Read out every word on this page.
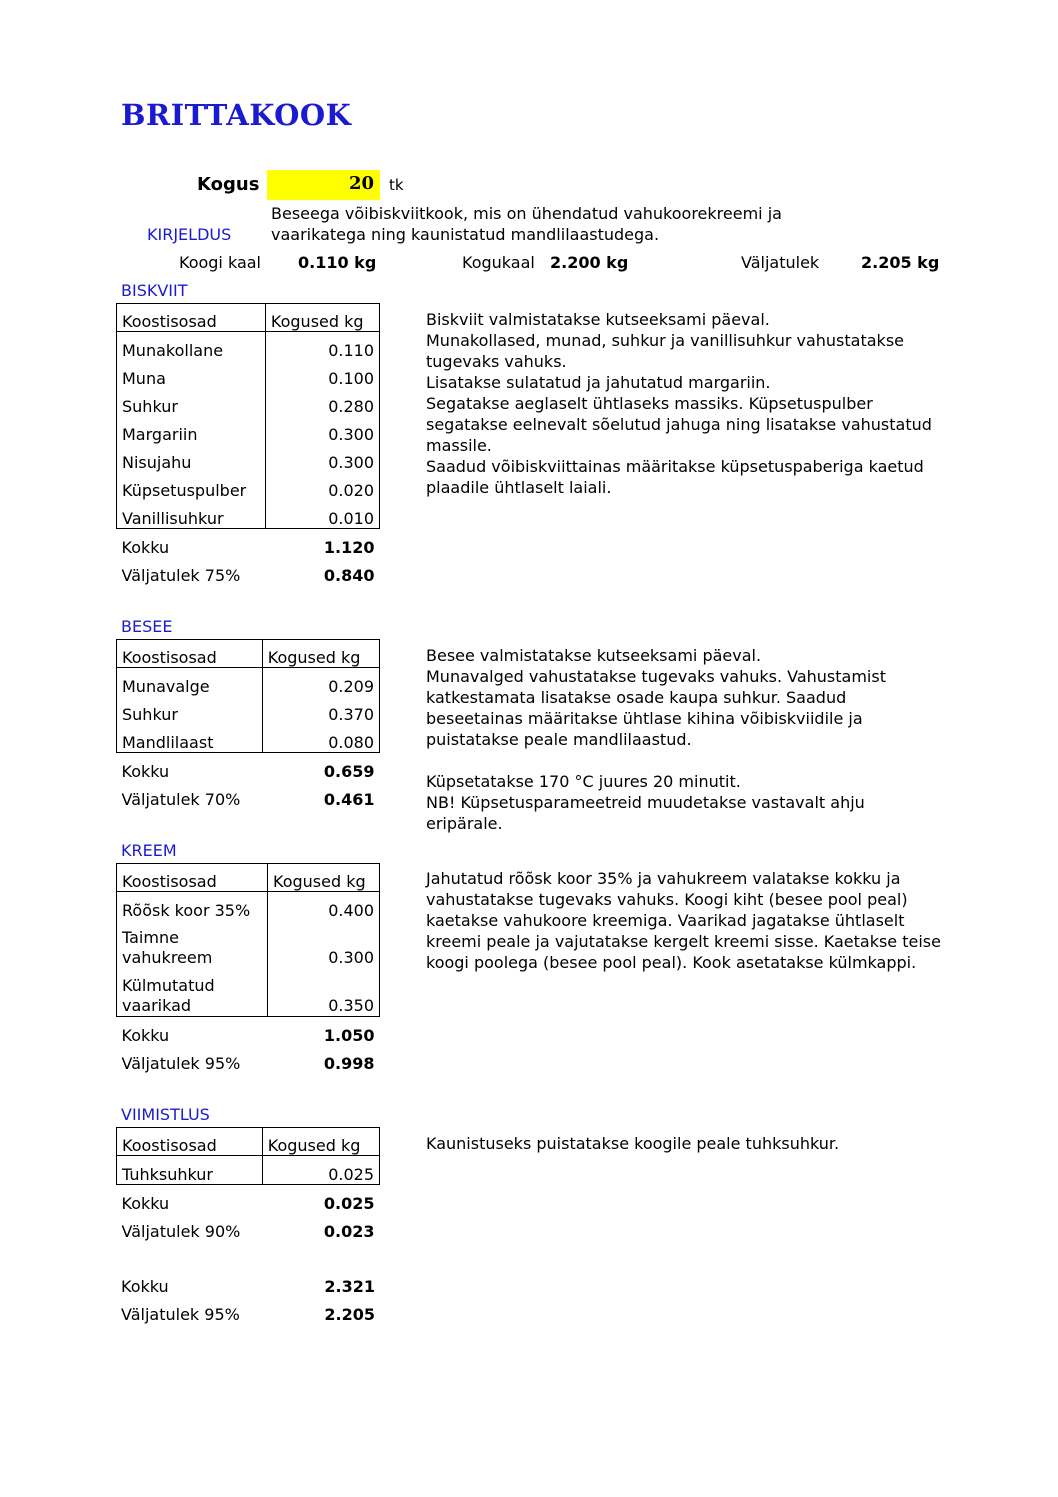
BRITTAKOOK
Kogus	20 tk
KIRJELDUS
Beseega võibiskviitkook, mis on ühendatud vahukoorekreemi ja vaarikatega ning kaunistatud mandlilaastudega.
Koogi kaal 0.110 kg	Kogukaal 2.200 kg	Väljatulek	2.205 kg
BISKVIIT
Koostisosad	Kogused kg
Munakollane	0.110
Muna	0.100
Suhkur	0.280
Margariin	0.300
Nisujahu	0.300
Küpsetuspulber	0.020
Vanillisuhkur	0.010
Kokku	1.120
Väljatulek 75%	0.840

Biskviit valmistatakse kutseeksami päeval.

Munakollased, munad, suhkur ja vanillisuhkur vahustatakse tugevaks vahuks.

Lisatakse sulatatud ja jahutatud margariin.

Segatakse aeglaselt ühtlaseks massiks. Küpsetuspulber segatakse eelnevalt sõelutud jahuga ning lisatakse vahustatud massile.

Saadud võibiskviittainas määritakse küpsetuspaberiga kaetud plaadile ühtlaselt laiali.

BESEE
Koostisosad	Kogused kg
Munavalge	0.209
Suhkur	0.370
Mandlilaast	0.080
Kokku	0.659
Väljatulek 70%	0.461

Besee valmistatakse kutseeksami päeval.

Munavalged vahustatakse tugevaks vahuks. Vahustamist katkestamata lisatakse osade kaupa suhkur. Saadud beseetainas määritakse ühtlase kihina võibiskviidile ja puistatakse peale mandlilaastud.

Küpsetatakse 170 °C juures 20 minutit.

NB! Küpsetusparameetreid muudetakse vastavalt ahju eripärale.

KREEM
Koostisosad	Kogused kg
Rõõsk koor 35%	0.400
Taimne vahukreem	0.300
Külmutatud vaarikad	0.350
Kokku	1.050
Väljatulek 95%	0.998

Jahutatud rõõsk koor 35% ja vahukreem valatakse kokku ja vahustatakse tugevaks vahuks. Koogi kiht (besee pool peal) kaetakse vahukoore kreemiga. Vaarikad jagatakse ühtlaselt kreemi peale ja vajutatakse kergelt kreemi sisse. Kaetakse teise koogi poolega (besee pool peal). Kook asetatakse külmkappi.

VIIMISTLUS
Koostisosad	Kogused kg
Tuhksuhkur	0.025
Kokku	0.025
Väljatulek 90%	0.023

Kaunistuseks puistatakse koogile peale tuhksuhkur.

Kokku	2.321
Väljatulek 95%	2.205
